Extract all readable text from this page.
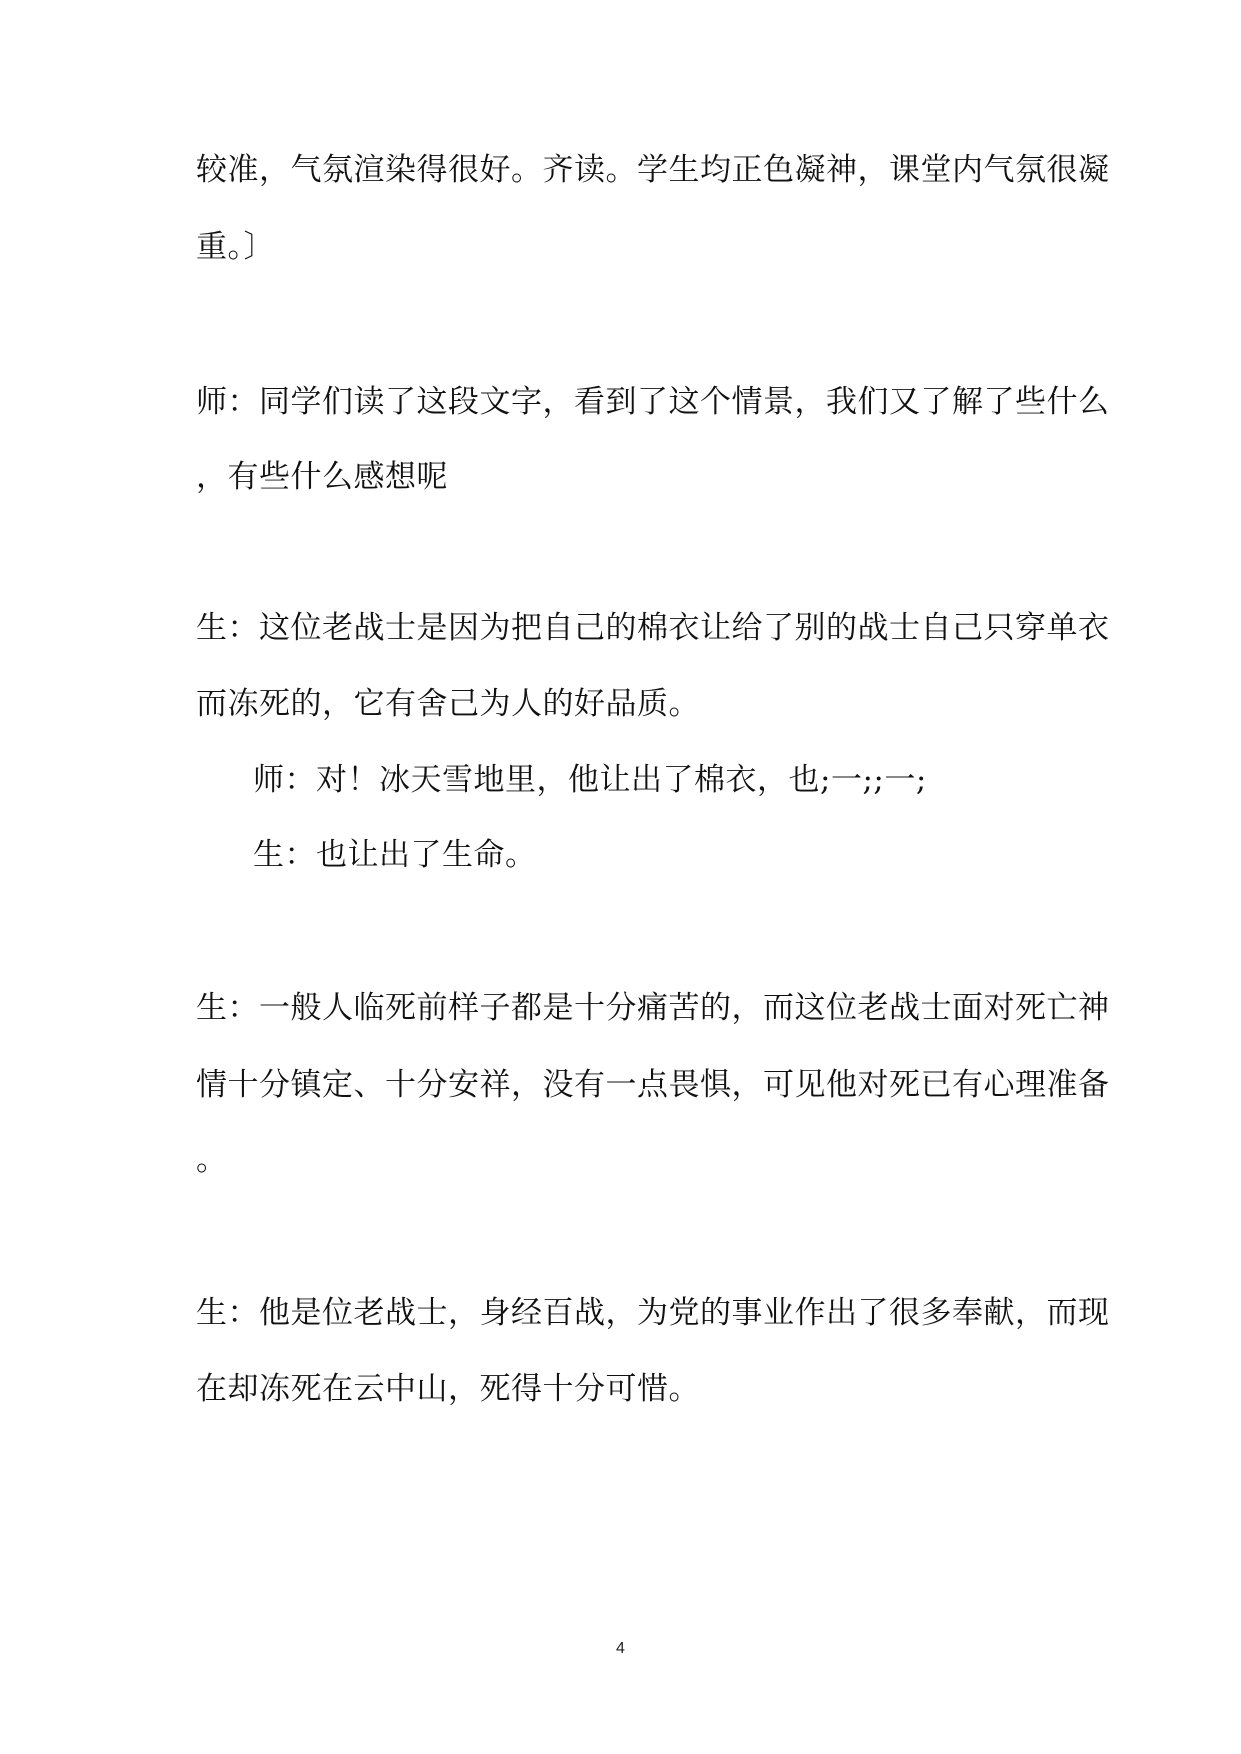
较准，气氛渲染得很好。齐读。学生均正色凝神，课堂内气氛很凝
重。〕
师：同学们读了这段文字，看到了这个情景，我们又了解了些什么
，有些什么感想呢
生：这位老战士是因为把自己的棉衣让给了别的战士自己只穿单衣
而冻死的，它有舍己为人的好品质。
师：对！冰天雪地里，他让出了棉衣，也;一;;一;
生：也让出了生命。
生：一般人临死前样子都是十分痛苦的，而这位老战士面对死亡神
情十分镇定、十分安祥，没有一点畏惧，可见他对死已有心理准备
。
生：他是位老战士，身经百战，为党的事业作出了很多奉献，而现
在却冻死在云中山，死得十分可惜。
4
